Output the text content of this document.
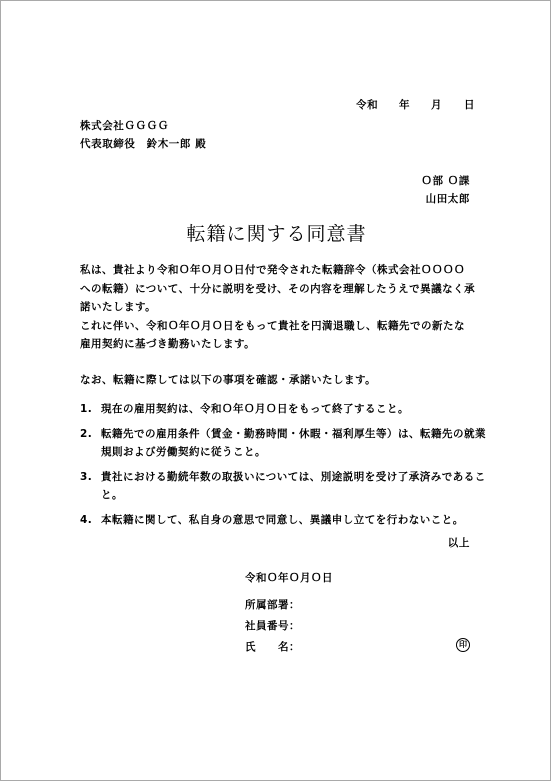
令和 年 月 日
株式会社ＧＧＧＧ
代表取締役　鈴木一郎 殿
Ｏ部 Ｏ課
山田太郎
転籍に関する同意書

私は、貴社より令和Ｏ年Ｏ月Ｏ日付で発令された転籍辞令（株式会社ＯＯＯＯ

への転籍）について、十分に説明を受け、その内容を理解したうえで異議なく承

諾いたします。

これに伴い、令和Ｏ年Ｏ月Ｏ日をもって貴社を円満退職し、転籍先での新たな

雇用契約に基づき勤務いたします。

なお、転籍に際しては以下の事項を確認・承諾いたします。

1. 現在の雇用契約は、令和Ｏ年Ｏ月Ｏ日をもって終了すること。
2. 転籍先での雇用条件（賃金・勤務時間・休暇・福利厚生等）は、転籍先の就業規則および労働契約に従うこと。
3. 貴社における勤続年数の取扱いについては、別途説明を受け了承済みであること。
4. 本転籍に関して、私自身の意思で同意し、異議申し立てを行わないこと。
以上
令和Ｏ年Ｏ月Ｏ日
所属部署：
社員番号：
氏　　名：	印
